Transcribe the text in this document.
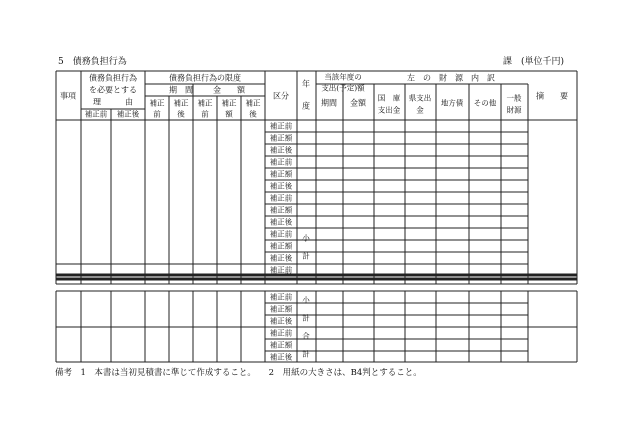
5　債務負担行為	課　(単位千円)
事項
債務負担行為
を必要とする
理　　　由
補正前 補正後
債務負担行為の限度
期　間	金　　額
補正
前
補正
後
補正
前
補正
額
補正
後
区分
年
度
当該年度の
支出(予定)額
左　の　財　源　内　訳
期間 金額
国　庫
支出金
県支出
金
地方債 その他
一般
財源
摘　　要
補正前
補正額
補正後
補正前
補正額
補正後
補正前
補正額
補正後
補正前
補正額
補正後
補正前
小
計
補正前
補正額
補正後
補正前
補正額
補正後
小
計
合
計
備考　1　本書は当初見積書に準じて作成すること。　　2　用紙の大きさは、B4判とすること。
